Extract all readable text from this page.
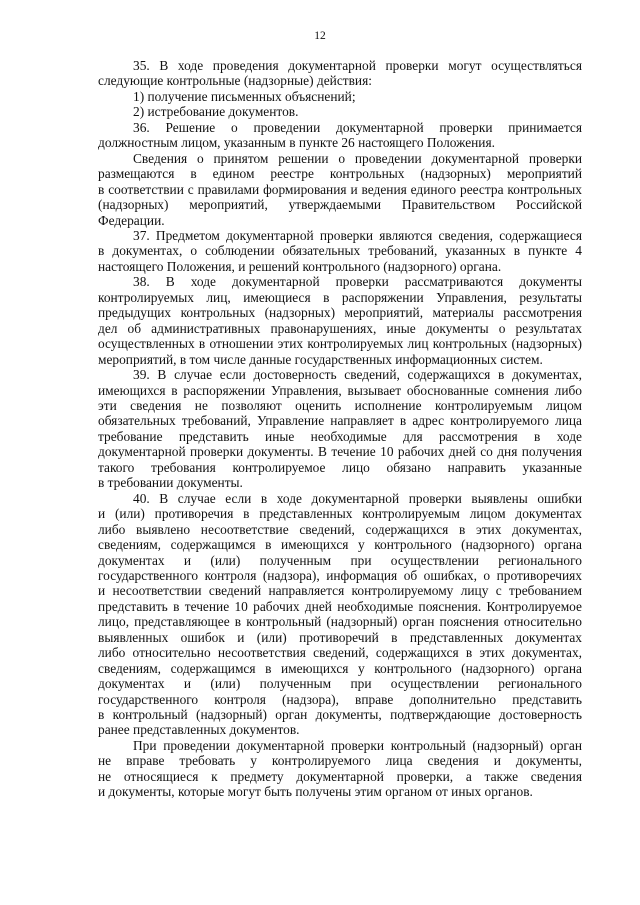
12
35. В ходе проведения документарной проверки могут осуществляться
следующие контрольные (надзорные) действия:
1) получение письменных объяснений;
2) истребование документов.
36. Решение о проведении документарной проверки принимается
должностным лицом, указанным в пункте 26 настоящего Положения.
Сведения о принятом решении о проведении документарной проверки
размещаются в едином реестре контрольных (надзорных) мероприятий
в соответствии с правилами формирования и ведения единого реестра контрольных
(надзорных) мероприятий, утверждаемыми Правительством Российской
Федерации.
37. Предметом документарной проверки являются сведения, содержащиеся
в документах, о соблюдении обязательных требований, указанных в пункте 4
настоящего Положения, и решений контрольного (надзорного) органа.
38. В ходе документарной проверки рассматриваются документы
контролируемых лиц, имеющиеся в распоряжении Управления, результаты
предыдущих контрольных (надзорных) мероприятий, материалы рассмотрения
дел об административных правонарушениях, иные документы о результатах
осуществленных в отношении этих контролируемых лиц контрольных (надзорных)
мероприятий, в том числе данные государственных информационных систем.
39. В случае если достоверность сведений, содержащихся в документах,
имеющихся в распоряжении Управления, вызывает обоснованные сомнения либо
эти сведения не позволяют оценить исполнение контролируемым лицом
обязательных требований, Управление направляет в адрес контролируемого лица
требование представить иные необходимые для рассмотрения в ходе
документарной проверки документы. В течение 10 рабочих дней со дня получения
такого требования контролируемое лицо обязано направить указанные
в требовании документы.
40. В случае если в ходе документарной проверки выявлены ошибки
и (или) противоречия в представленных контролируемым лицом документах
либо выявлено несоответствие сведений, содержащихся в этих документах,
сведениям, содержащимся в имеющихся у контрольного (надзорного) органа
документах и (или) полученным при осуществлении регионального
государственного контроля (надзора), информация об ошибках, о противоречиях
и несоответствии сведений направляется контролируемому лицу с требованием
представить в течение 10 рабочих дней необходимые пояснения. Контролируемое
лицо, представляющее в контрольный (надзорный) орган пояснения относительно
выявленных ошибок и (или) противоречий в представленных документах
либо относительно несоответствия сведений, содержащихся в этих документах,
сведениям, содержащимся в имеющихся у контрольного (надзорного) органа
документах и (или) полученным при осуществлении регионального
государственного контроля (надзора), вправе дополнительно представить
в контрольный (надзорный) орган документы, подтверждающие достоверность
ранее представленных документов.
При проведении документарной проверки контрольный (надзорный) орган
не вправе требовать у контролируемого лица сведения и документы,
не относящиеся к предмету документарной проверки, а также сведения
и документы, которые могут быть получены этим органом от иных органов.
